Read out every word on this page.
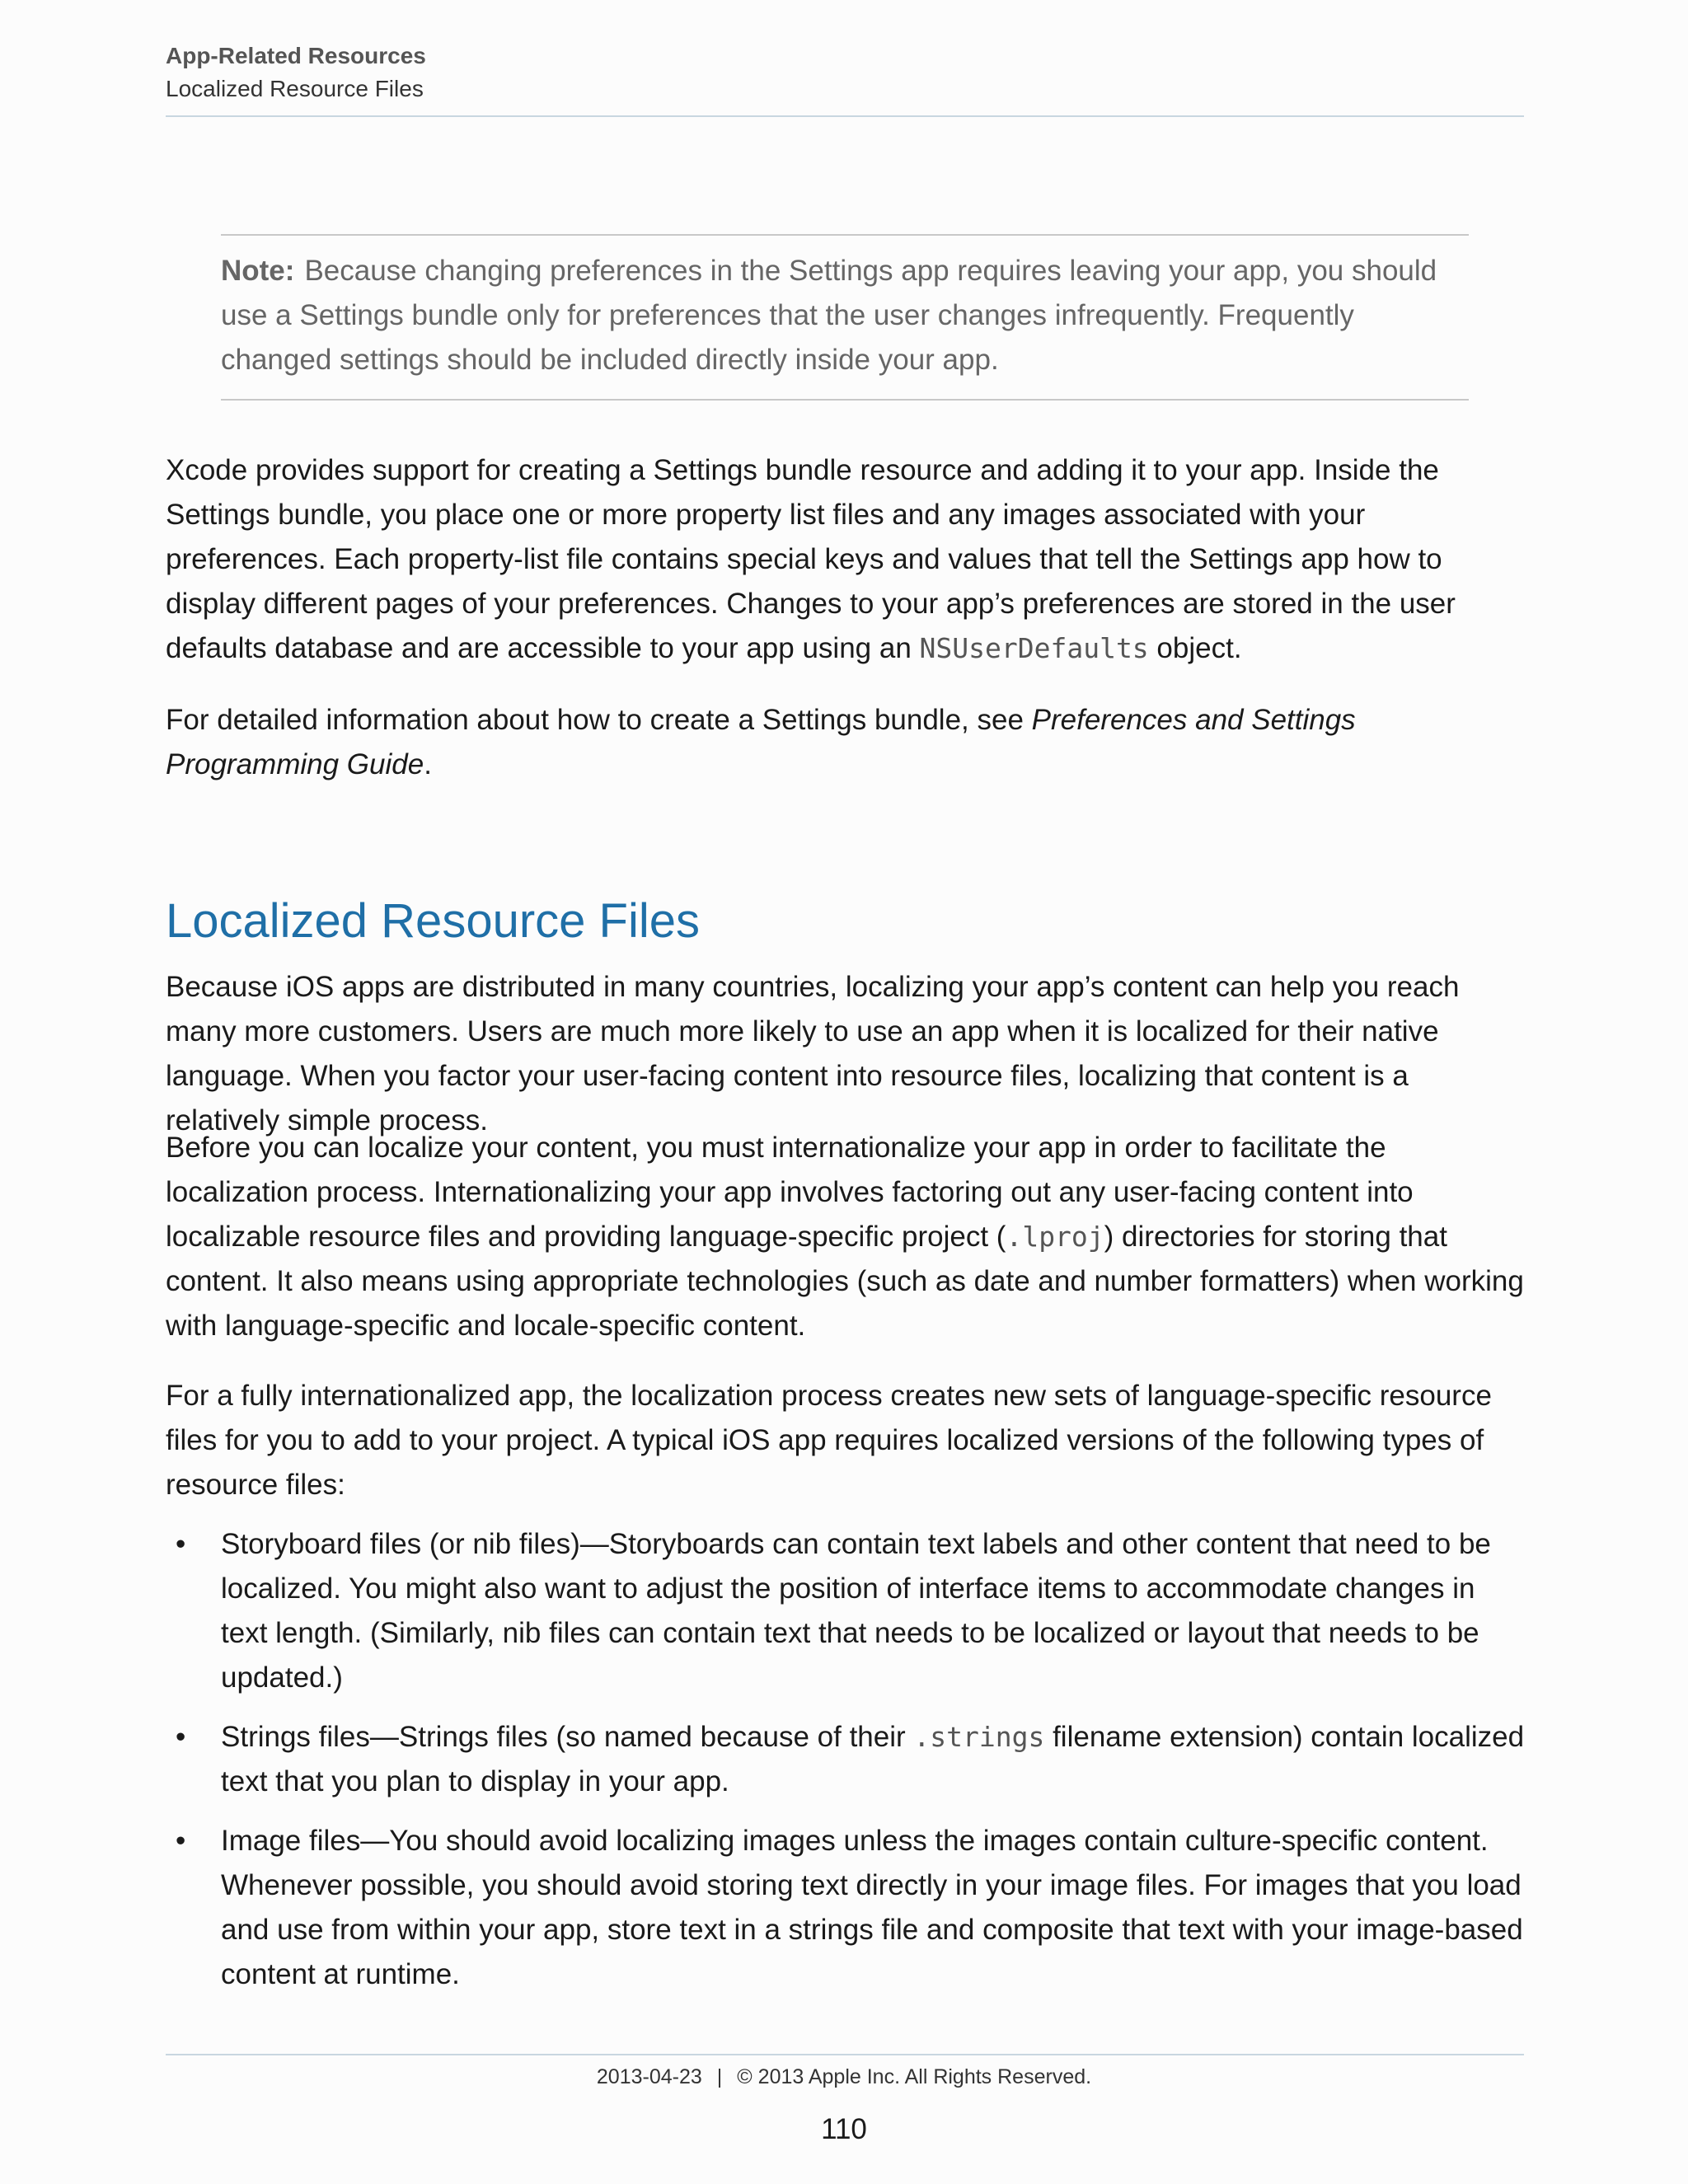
App-Related Resources
Localized Resource Files
Note: Because changing preferences in the Settings app requires leaving your app, you should use a Settings bundle only for preferences that the user changes infrequently. Frequently changed settings should be included directly inside your app.

Xcode provides support for creating a Settings bundle resource and adding it to your app. Inside the Settings bundle, you place one or more property list files and any images associated with your preferences. Each property-list file contains special keys and values that tell the Settings app how to display different pages of your preferences. Changes to your app’s preferences are stored in the user defaults database and are accessible to your app using an NSUserDefaults object.

For detailed information about how to create a Settings bundle, see Preferences and Settings Programming Guide.

Localized Resource Files

Because iOS apps are distributed in many countries, localizing your app’s content can help you reach many more customers. Users are much more likely to use an app when it is localized for their native language. When you factor your user-facing content into resource files, localizing that content is a relatively simple process.

Before you can localize your content, you must internationalize your app in order to facilitate the localization process. Internationalizing your app involves factoring out any user-facing content into localizable resource files and providing language-specific project (.lproj) directories for storing that content. It also means using appropriate technologies (such as date and number formatters) when working with language-specific and locale-specific content.

For a fully internationalized app, the localization process creates new sets of language-specific resource files for you to add to your project. A typical iOS app requires localized versions of the following types of resource files:

• Storyboard files (or nib files)—Storyboards can contain text labels and other content that need to be localized. You might also want to adjust the position of interface items to accommodate changes in text length. (Similarly, nib files can contain text that needs to be localized or layout that needs to be updated.)
• Strings files—Strings files (so named because of their .strings filename extension) contain localized text that you plan to display in your app.
• Image files—You should avoid localizing images unless the images contain culture-specific content. Whenever possible, you should avoid storing text directly in your image files. For images that you load and use from within your app, store text in a strings file and composite that text with your image-based content at runtime.
2013-04-23 | © 2013 Apple Inc. All Rights Reserved.
110
